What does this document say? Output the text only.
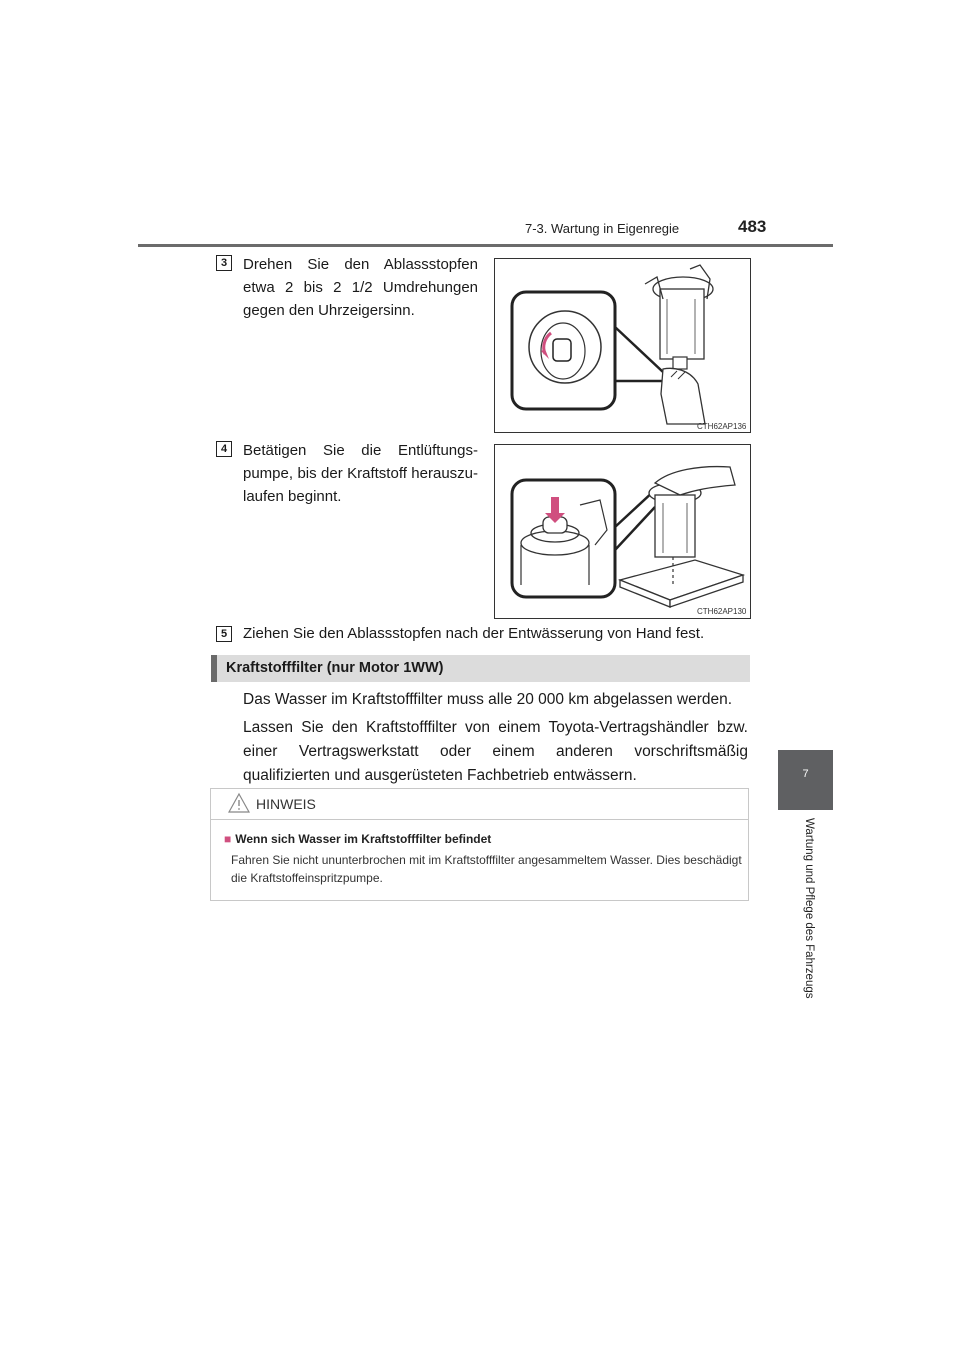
7-3. Wartung in Eigenregie	483
7
Wartung und Pflege des Fahrzeugs
3	Drehen Sie den Ablassstopfen etwa 2 bis 2 1/2 Umdrehungen gegen den Uhrzeigersinn.
CTH62AP136
4	Betätigen Sie die Entlüftungs-pumpe, bis der Kraftstoff herauszu-laufen beginnt.
CTH62AP130
5	Ziehen Sie den Ablassstopfen nach der Entwässerung von Hand fest.
Kraftstofffilter (nur Motor 1WW)
Das Wasser im Kraftstofffilter muss alle 20 000 km abgelassen werden.
Lassen Sie den Kraftstofffilter von einem Toyota-Vertragshändler bzw. einer Vertragswerkstatt oder einem anderen vorschriftsmäßig qualifizierten und ausgerüsteten Fachbetrieb entwässern.
HINWEIS
■ Wenn sich Wasser im Kraftstofffilter befindet
Fahren Sie nicht ununterbrochen mit im Kraftstofffilter angesammeltem Wasser. Dies beschädigt die Kraftstoffeinspritzpumpe.
